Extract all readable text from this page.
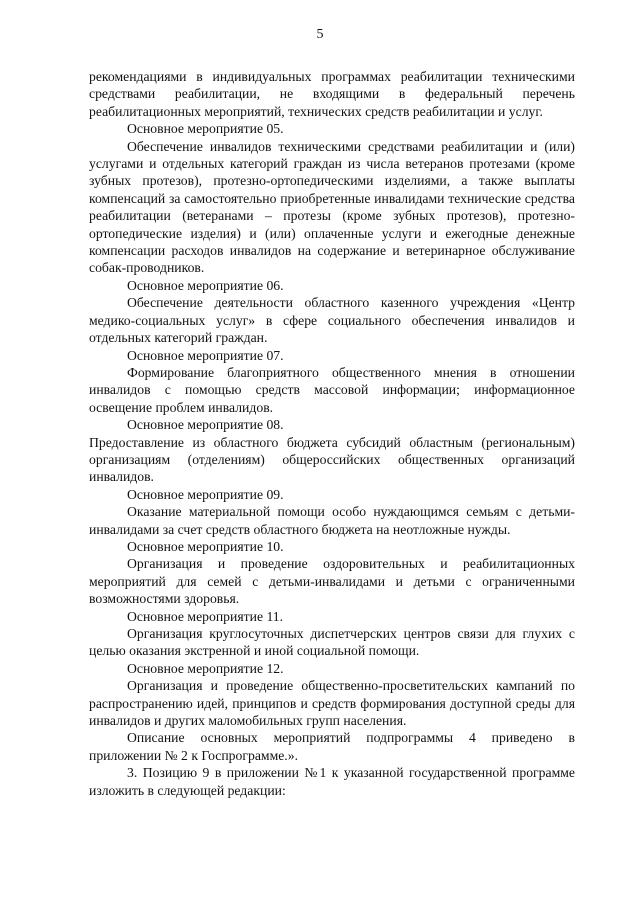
5

рекомендациями в индивидуальных программах реабилитации техническими средствами реабилитации, не входящими в федеральный перечень реабилитационных мероприятий, технических средств реабилитации и услуг.

Основное мероприятие 05.

Обеспечение инвалидов техническими средствами реабилитации и (или) услугами и отдельных категорий граждан из числа ветеранов протезами (кроме зубных протезов), протезно-ортопедическими изделиями, а также выплаты компенсаций за самостоятельно приобретенные инвалидами технические средства реабилитации (ветеранами – протезы (кроме зубных протезов), протезно-ортопедические изделия) и (или) оплаченные услуги и ежегодные денежные компенсации расходов инвалидов на содержание и ветеринарное обслуживание собак-проводников.

Основное мероприятие 06.

Обеспечение деятельности областного казенного учреждения «Центр медико-социальных услуг» в сфере социального обеспечения инвалидов и отдельных категорий граждан.

Основное мероприятие 07.

Формирование благоприятного общественного мнения в отношении инвалидов с помощью средств массовой информации; информационное освещение проблем инвалидов.

Основное мероприятие 08.

Предоставление из областного бюджета субсидий областным (региональным) организациям (отделениям) общероссийских общественных организаций инвалидов.

Основное мероприятие 09.

Оказание материальной помощи особо нуждающимся семьям с детьми-инвалидами за счет средств областного бюджета на неотложные нужды.

Основное мероприятие 10.

Организация и проведение оздоровительных и реабилитационных мероприятий для семей с детьми-инвалидами и детьми с ограниченными возможностями здоровья.

Основное мероприятие 11.

Организация круглосуточных диспетчерских центров связи для глухих с целью оказания экстренной и иной социальной помощи.

Основное мероприятие 12.

Организация и проведение общественно-просветительских кампаний по распространению идей, принципов и средств формирования доступной среды для инвалидов и других маломобильных групп населения.

Описание основных мероприятий подпрограммы 4 приведено в приложении № 2 к Госпрограмме.».

3. Позицию 9 в приложении №1 к указанной государственной программе изложить в следующей редакции:
